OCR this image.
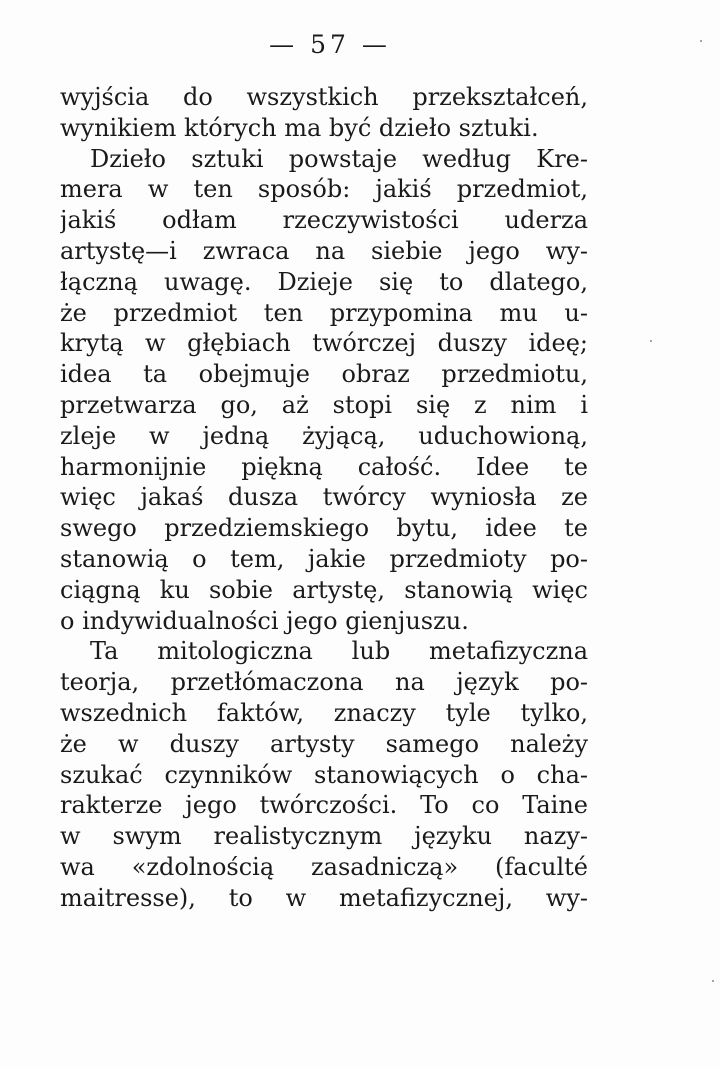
— 57 —
wyjścia do wszystkich przekształceń,
wynikiem których ma być dzieło sztuki.
Dzieło sztuki powstaje według Kre-
mera w ten sposób: jakiś przedmiot,
jakiś odłam rzeczywistości uderza
artystę—i zwraca na siebie jego wy-
łączną uwagę. Dzieje się to dlatego,
że przedmiot ten przypomina mu u-
krytą w głębiach twórczej duszy ideę;
idea ta obejmuje obraz przedmiotu,
przetwarza go, aż stopi się z nim i
zleje w jedną żyjącą, uduchowioną,
harmonijnie piękną całość. Idee te
więc jakaś dusza twórcy wyniosła ze
swego przedziemskiego bytu, idee te
stanowią o tem, jakie przedmioty po-
ciągną ku sobie artystę, stanowią więc
o indywidualności jego gienjuszu.
Ta mitologiczna lub metafizyczna
teorja, przetłómaczona na język po-
wszednich faktów, znaczy tyle tylko,
że w duszy artysty samego należy
szukać czynników stanowiących o cha-
rakterze jego twórczości. To co Taine
w swym realistycznym języku nazy-
wa «zdolnością zasadniczą» (faculté
maitresse), to w metafizycznej, wy-
